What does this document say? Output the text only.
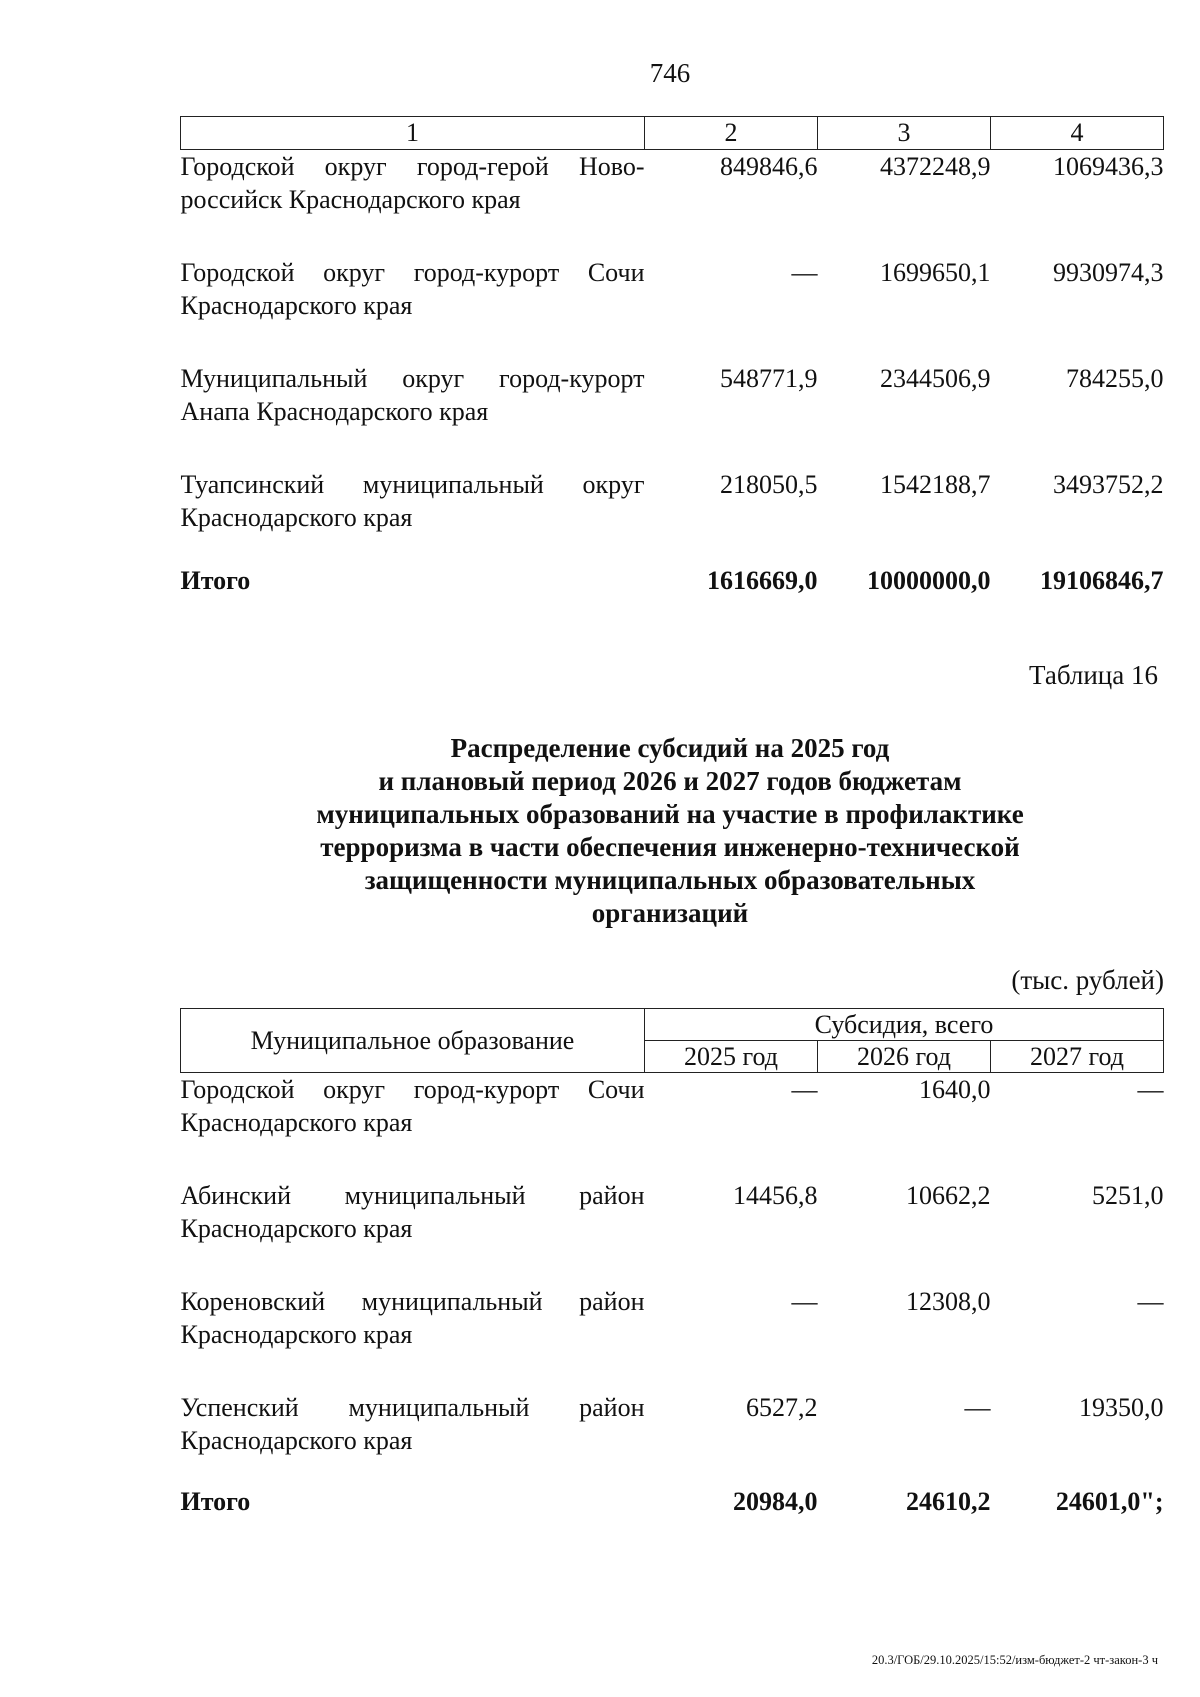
746
1	2	3	4
Городской округ город-герой Ново-российск Краснодарского края	849846,6	4372248,9	1069436,3
Городской округ город-курорт Сочи Краснодарского края	—	1699650,1	9930974,3
Муниципальный округ город-курорт Анапа Краснодарского края	548771,9	2344506,9	784255,0
Туапсинский муниципальный округ Краснодарского края	218050,5	1542188,7	3493752,2
Итого	1616669,0	10000000,0	19106846,7
Таблица 16
Распределение субсидий на 2025 год
и плановый период 2026 и 2027 годов бюджетам
муниципальных образований на участие в профилактике
терроризма в части обеспечения инженерно-технической
защищенности муниципальных образовательных
организаций
(тыс. рублей)
Муниципальное образование	Субсидия, всего		
	2025 год	2026 год	2027 год
Городской округ город-курорт Сочи Краснодарского края	—	1640,0	—
Абинский муниципальный район Краснодарского края	14456,8	10662,2	5251,0
Кореновский муниципальный район Краснодарского края	—	12308,0	—
Успенский муниципальный район Краснодарского края	6527,2	—	19350,0
Итого	20984,0	24610,2	24601,0";
20.3/ГОБ/29.10.2025/15:52/изм-бюджет-2 чт-закон-3 ч
